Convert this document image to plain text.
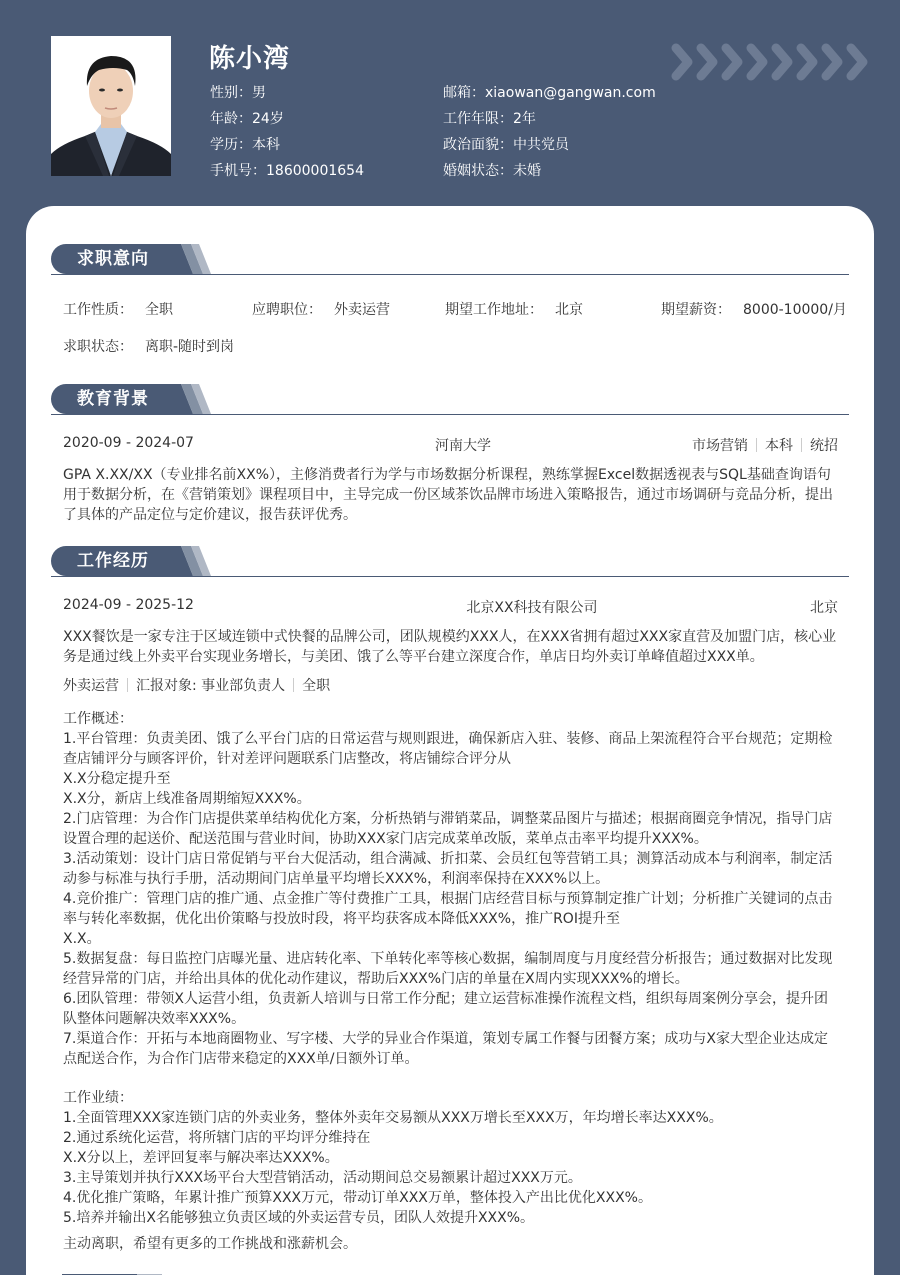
陈小湾
性别：男
年龄：24岁
学历：本科
手机号：18600001654
邮箱：xiaowan@gangwan.com
工作年限：2年
政治面貌：中共党员
婚姻状态：未婚
求职意向
工作性质： 全职	应聘职位： 外卖运营	期望工作地址： 北京	期望薪资： 8000-10000/月
求职状态： 离职-随时到岗
教育背景
2020-09 - 2024-07	河南大学	市场营销 本科 统招
GPA X.XX/XX（专业排名前XX%），主修消费者行为学与市场数据分析课程，熟练掌握Excel数据透视表与SQL基础查询语句
用于数据分析，在《营销策划》课程项目中，主导完成一份区域茶饮品牌市场进入策略报告，通过市场调研与竞品分析，提出
了具体的产品定位与定价建议，报告获评优秀。
工作经历
2024-09 - 2025-12	北京XX科技有限公司	北京
XXX餐饮是一家专注于区域连锁中式快餐的品牌公司，团队规模约XXX人，在XXX省拥有超过XXX家直营及加盟门店，核心业
务是通过线上外卖平台实现业务增长，与美团、饿了么等平台建立深度合作，单店日均外卖订单峰值超过XXX单。
外卖运营 汇报对象: 事业部负责人 全职
工作概述：
1.平台管理：负责美团、饿了么平台门店的日常运营与规则跟进，确保新店入驻、装修、商品上架流程符合平台规范；定期检
查店铺评分与顾客评价，针对差评问题联系门店整改，将店铺综合评分从
X.X分稳定提升至
X.X分，新店上线准备周期缩短XXX%。
2.门店管理：为合作门店提供菜单结构优化方案，分析热销与滞销菜品，调整菜品图片与描述；根据商圈竞争情况，指导门店
设置合理的起送价、配送范围与营业时间，协助XXX家门店完成菜单改版，菜单点击率平均提升XXX%。
3.活动策划：设计门店日常促销与平台大促活动，组合满减、折扣菜、会员红包等营销工具；测算活动成本与利润率，制定活
动参与标准与执行手册，活动期间门店单量平均增长XXX%，利润率保持在XXX%以上。
4.竞价推广：管理门店的推广通、点金推广等付费推广工具，根据门店经营目标与预算制定推广计划；分析推广关键词的点击
率与转化率数据，优化出价策略与投放时段，将平均获客成本降低XXX%，推广ROI提升至
X.X。
5.数据复盘：每日监控门店曝光量、进店转化率、下单转化率等核心数据，编制周度与月度经营分析报告；通过数据对比发现
经营异常的门店，并给出具体的优化动作建议，帮助后XXX%门店的单量在X周内实现XXX%的增长。
6.团队管理：带领X人运营小组，负责新人培训与日常工作分配；建立运营标准操作流程文档，组织每周案例分享会，提升团
队整体问题解决效率XXX%。
7.渠道合作：开拓与本地商圈物业、写字楼、大学的异业合作渠道，策划专属工作餐与团餐方案；成功与X家大型企业达成定
点配送合作，为合作门店带来稳定的XXX单/日额外订单。
工作业绩：
1.全面管理XXX家连锁门店的外卖业务，整体外卖年交易额从XXX万增长至XXX万，年均增长率达XXX%。
2.通过系统化运营，将所辖门店的平均评分维持在
X.X分以上，差评回复率与解决率达XXX%。
3.主导策划并执行XXX场平台大型营销活动，活动期间总交易额累计超过XXX万元。
4.优化推广策略，年累计推广预算XXX万元，带动订单XXX万单，整体投入产出比优化XXX%。
5.培养并输出X名能够独立负责区域的外卖运营专员，团队人效提升XXX%。
主动离职，希望有更多的工作挑战和涨薪机会。
